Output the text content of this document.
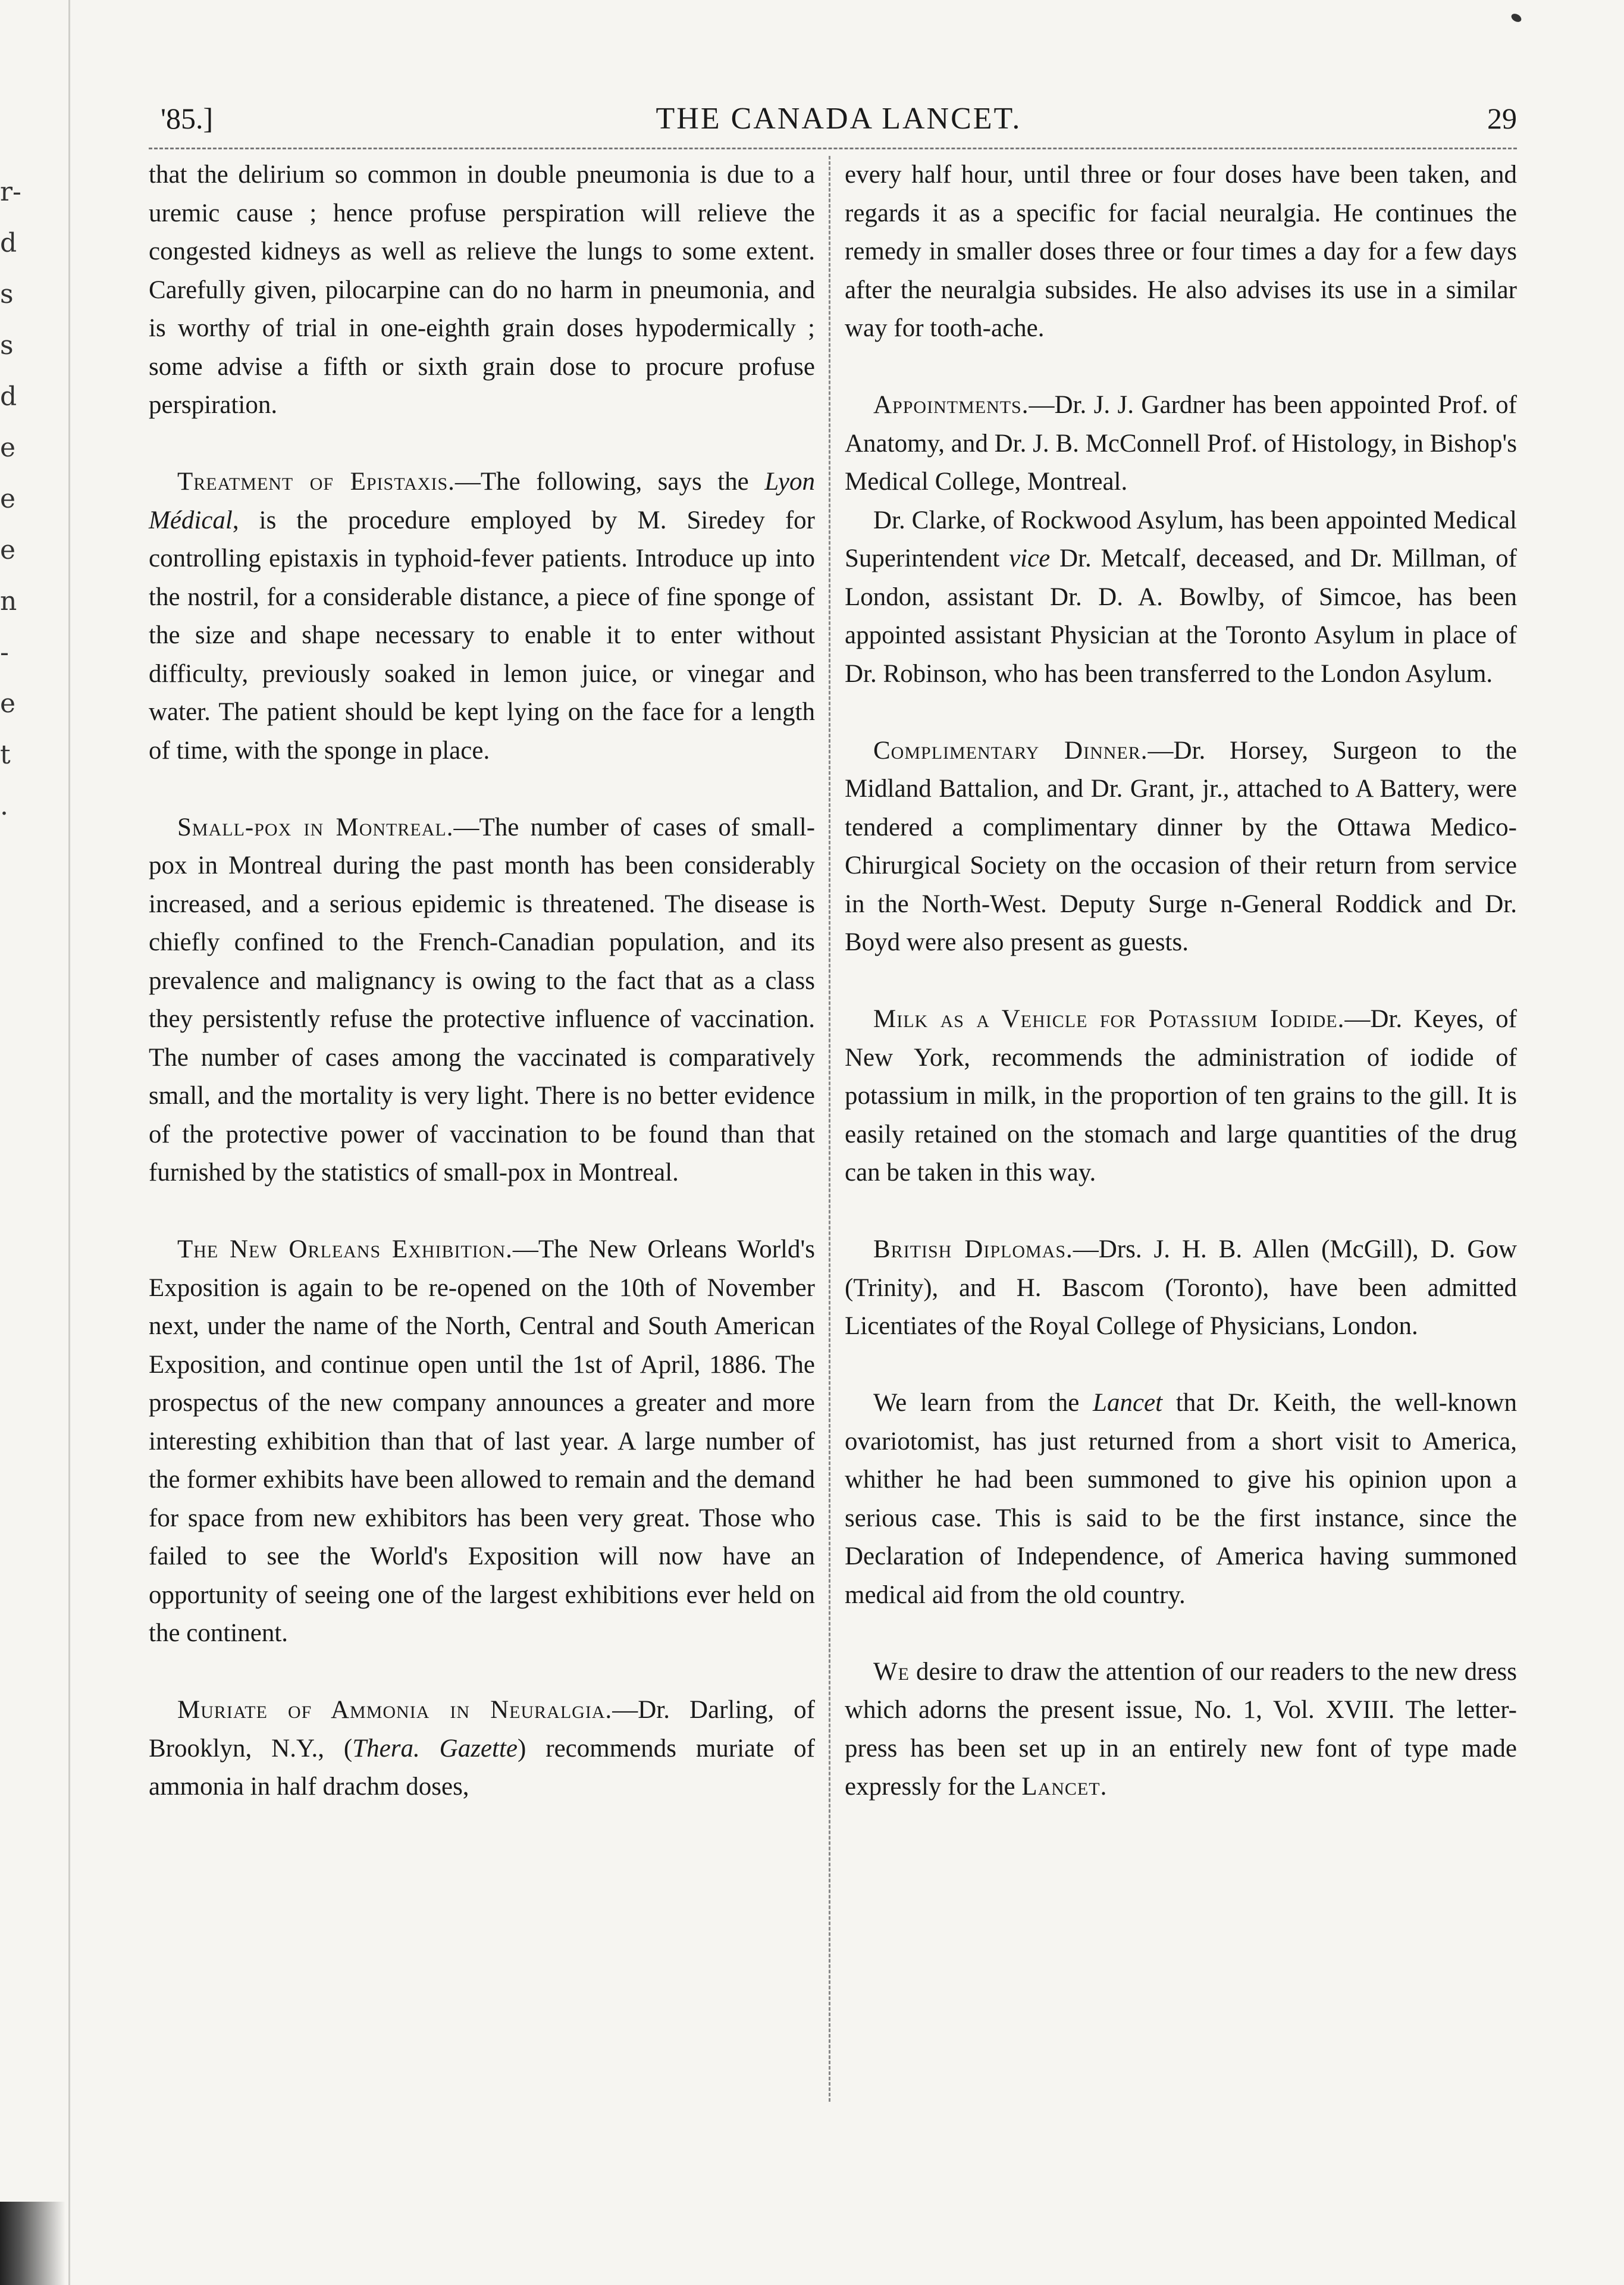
r-
d
s
s
d
e
e
e
n
-
e
t
.
'85.]	THE CANADA LANCET.	29

that the delirium so common in double pneumonia is due to a uremic cause ; hence profuse perspiration will relieve the congested kidneys as well as relieve the lungs to some extent. Carefully given, pilocarpine can do no harm in pneumonia, and is worthy of trial in one-eighth grain doses hypodermically ; some advise a fifth or sixth grain dose to procure profuse perspiration.

Treatment of Epistaxis.—The following, says the Lyon Médical, is the procedure employed by M. Siredey for controlling epistaxis in typhoid-fever patients. Introduce up into the nostril, for a considerable distance, a piece of fine sponge of the size and shape necessary to enable it to enter without difficulty, previously soaked in lemon juice, or vinegar and water. The patient should be kept lying on the face for a length of time, with the sponge in place.

Small-pox in Montreal.—The number of cases of small-pox in Montreal during the past month has been considerably increased, and a serious epidemic is threatened. The disease is chiefly confined to the French-Canadian population, and its prevalence and malignancy is owing to the fact that as a class they persistently refuse the protective influence of vaccination. The number of cases among the vaccinated is comparatively small, and the mortality is very light. There is no better evidence of the protective power of vaccination to be found than that furnished by the statistics of small-pox in Montreal.

The New Orleans Exhibition.—The New Orleans World's Exposition is again to be re-opened on the 10th of November next, under the name of the North, Central and South American Exposition, and continue open until the 1st of April, 1886. The prospectus of the new company announces a greater and more interesting exhibition than that of last year. A large number of the former exhibits have been allowed to remain and the demand for space from new exhibitors has been very great. Those who failed to see the World's Exposition will now have an opportunity of seeing one of the largest exhibitions ever held on the continent.

Muriate of Ammonia in Neuralgia.—Dr. Darling, of Brooklyn, N.Y., (Thera. Gazette) recommends muriate of ammonia in half drachm doses,

every half hour, until three or four doses have been taken, and regards it as a specific for facial neuralgia. He continues the remedy in smaller doses three or four times a day for a few days after the neuralgia subsides. He also advises its use in a similar way for tooth-ache.

Appointments.—Dr. J. J. Gardner has been appointed Prof. of Anatomy, and Dr. J. B. McConnell Prof. of Histology, in Bishop's Medical College, Montreal.

Dr. Clarke, of Rockwood Asylum, has been appointed Medical Superintendent vice Dr. Metcalf, deceased, and Dr. Millman, of London, assistant Dr. D. A. Bowlby, of Simcoe, has been appointed assistant Physician at the Toronto Asylum in place of Dr. Robinson, who has been transferred to the London Asylum.

Complimentary Dinner.—Dr. Horsey, Surgeon to the Midland Battalion, and Dr. Grant, jr., attached to A Battery, were tendered a complimentary dinner by the Ottawa Medico-Chirurgical Society on the occasion of their return from service in the North-West. Deputy Surge n-General Roddick and Dr. Boyd were also present as guests.

Milk as a Vehicle for Potassium Iodide.—Dr. Keyes, of New York, recommends the administration of iodide of potassium in milk, in the proportion of ten grains to the gill. It is easily retained on the stomach and large quantities of the drug can be taken in this way.

British Diplomas.—Drs. J. H. B. Allen (McGill), D. Gow (Trinity), and H. Bascom (Toronto), have been admitted Licentiates of the Royal College of Physicians, London.

We learn from the Lancet that Dr. Keith, the well-known ovariotomist, has just returned from a short visit to America, whither he had been summoned to give his opinion upon a serious case. This is said to be the first instance, since the Declaration of Independence, of America having summoned medical aid from the old country.

We desire to draw the attention of our readers to the new dress which adorns the present issue, No. 1, Vol. XVIII. The letter-press has been set up in an entirely new font of type made expressly for the Lancet.
